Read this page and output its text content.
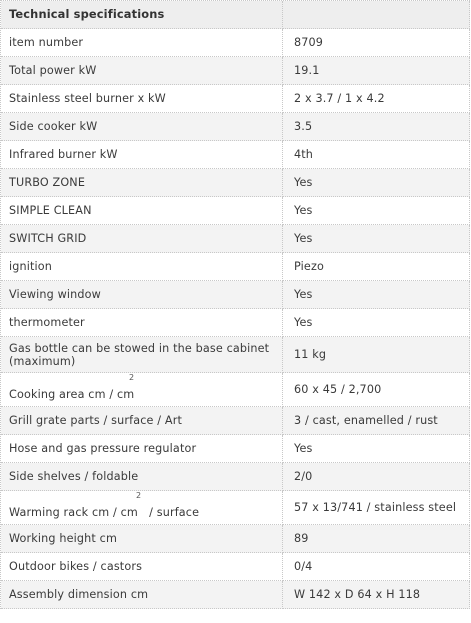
Technical specifications
item number	8709
Total power kW	19.1
Stainless steel burner x kW	2 x 3.7 / 1 x 4.2
Side cooker kW	3.5
Infrared burner kW	4th
TURBO ZONE	Yes
SIMPLE CLEAN	Yes
SWITCH GRID	Yes
ignition	Piezo
Viewing window	Yes
thermometer	Yes
Gas bottle can be stowed in the base cabinet (maximum)	11 kg
2
Cooking area cm / cm	60 x 45 / 2,700
Grill grate parts / surface / Art	3 / cast, enamelled / rust
Hose and gas pressure regulator	Yes
Side shelves / foldable	2/0
2
Warming rack cm / cm   / surface	57 x 13/741 / stainless steel
Working height cm	89
Outdoor bikes / castors	0/4
Assembly dimension cm	W 142 x D 64 x H 118
